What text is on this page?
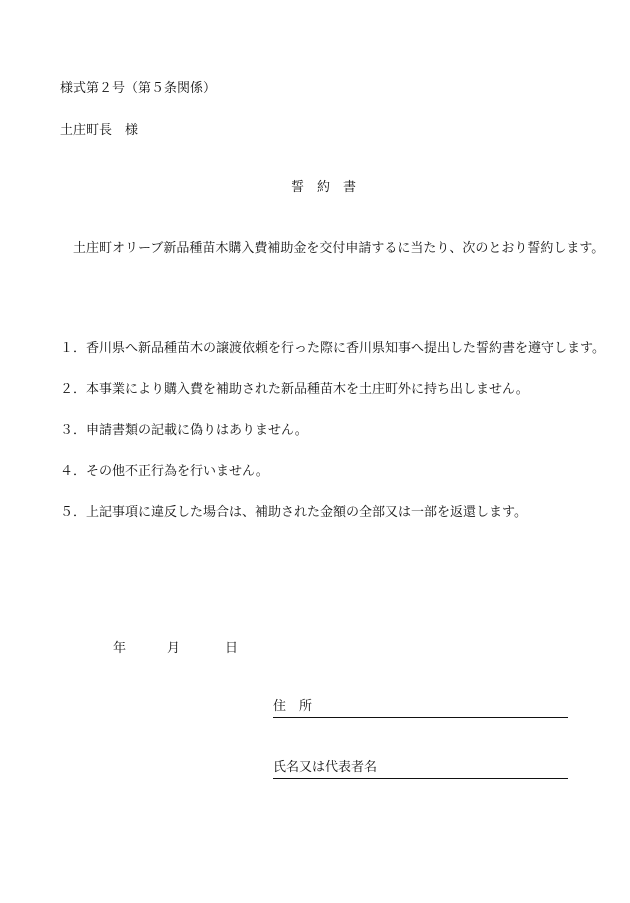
様式第２号（第５条関係）
土庄町長　様
誓約書
土庄町オリーブ新品種苗木購入費補助金を交付申請するに当たり、次のとおり誓約します。
１． 香川県へ新品種苗木の譲渡依頼を行った際に香川県知事へ提出した誓約書を遵守します。
２． 本事業により購入費を補助された新品種苗木を土庄町外に持ち出しません。
３． 申請書類の記載に偽りはありません。
４． その他不正行為を行いません。
５． 上記事項に違反した場合は、補助された金額の全部又は一部を返還します。
年	月	日
住所
氏名又は代表者名
